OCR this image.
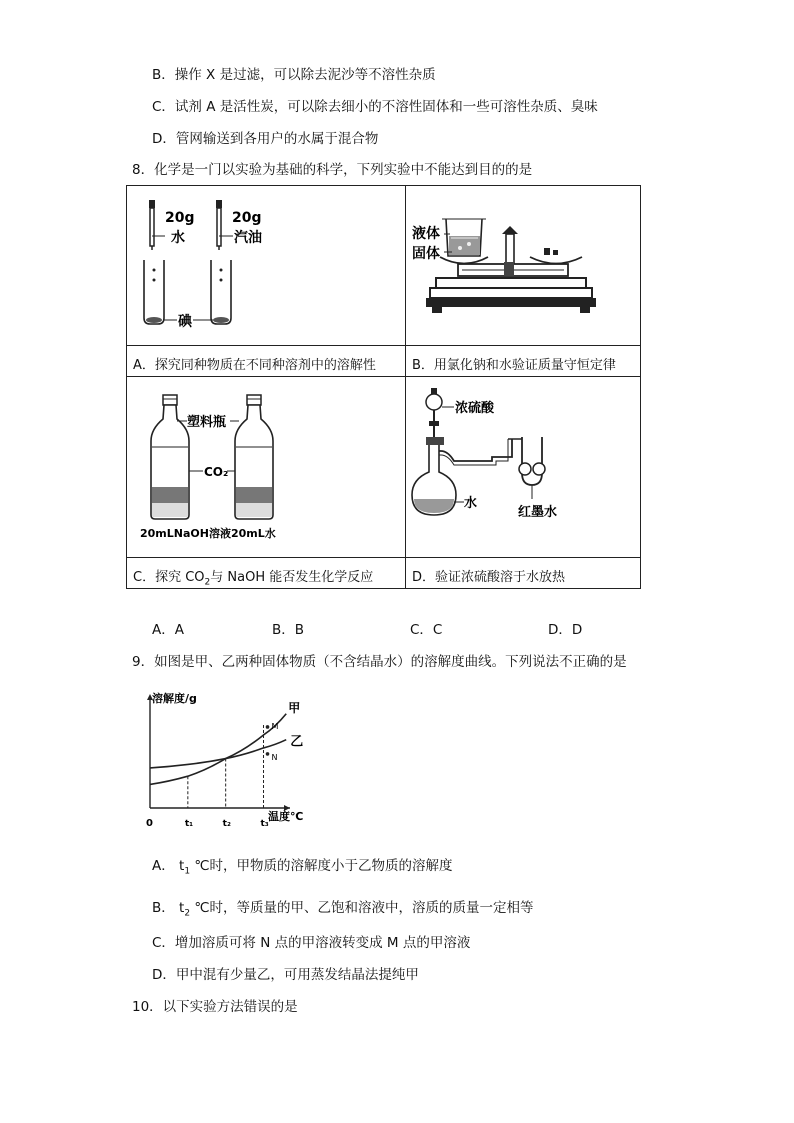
B．操作 X 是过滤，可以除去泥沙等不溶性杂质
C．试剂 A 是活性炭，可以除去细小的不溶性固体和一些可溶性杂质、臭味
D．管网输送到各用户的水属于混合物
8．化学是一门以实验为基础的科学，下列实验中不能达到目的的是
20g
水
20g
汽油
碘	液体
固体

A．探究同种物质在不同种溶剂中的溶解性	B．用氯化钠和水验证质量守恒定律

塑料瓶
CO₂
20mLNaOH溶液 20mL水	浓硫酸
水
红墨水

C．探究 $CO_2$与 NaOH 能否发生化学反应	D．验证浓硫酸溶于水放热
A．A	B．B	C．C	D．D
9．如图是甲、乙两种固体物质（不含结晶水）的溶解度曲线。下列说法不正确的是
溶解度/g
温度℃
0
甲
乙
t₁	t₂	t₃
M
N
A． $t_1$ ℃时，甲物质的溶解度小于乙物质的溶解度
B． $t_2$ ℃时，等质量的甲、乙饱和溶液中，溶质的质量一定相等
C．增加溶质可将 N 点的甲溶液转变成 M 点的甲溶液
D．甲中混有少量乙，可用蒸发结晶法提纯甲
10．以下实验方法错误的是
